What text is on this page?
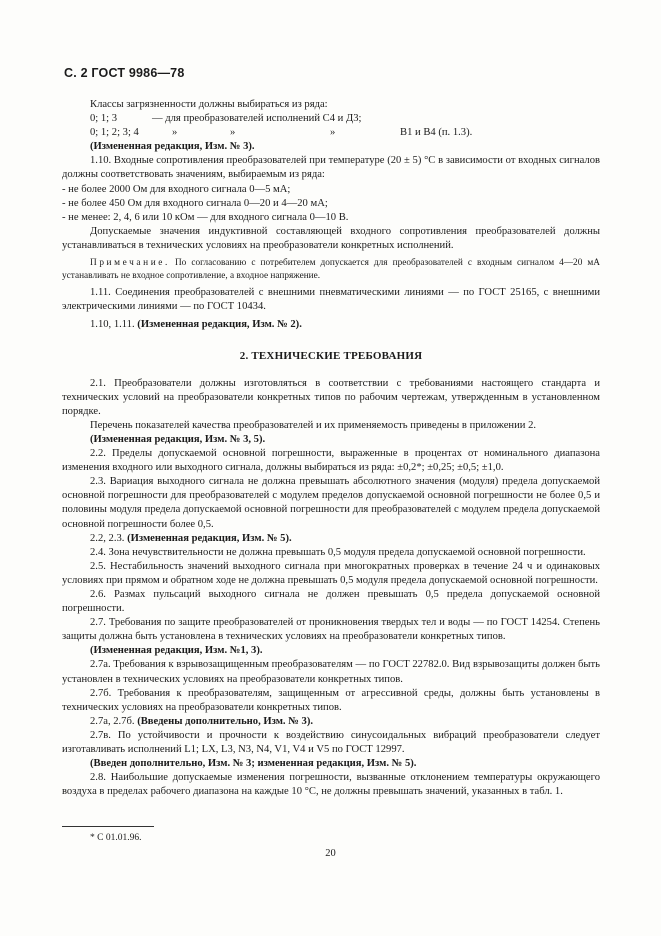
С. 2 ГОСТ 9986—78

Классы загрязненности должны выбираться из ряда:

0; 1; 3	— для преобразователей исполнений С4 и Д3;
0; 1; 2; 3; 4	»	»	»	В1 и В4 (п. 1.3).

(Измененная редакция, Изм. № 3).

1.10. Входные сопротивления преобразователей при температуре (20 ± 5) °С в зависимости от входных сигналов должны соответствовать значениям, выбираемым из ряда:

- не более 2000 Ом для входного сигнала 0—5 мА;

- не более 450 Ом для входного сигнала 0—20 и 4—20 мА;

- не менее: 2, 4, 6 или 10 кОм — для входного сигнала 0—10 В.

Допускаемые значения индуктивной составляющей входного сопротивления преобразователей должны устанавливаться в технических условиях на преобразователи конкретных исполнений.

Примечание. По согласованию с потребителем допускается для преобразователей с входным сигналом 4—20 мА устанавливать не входное сопротивление, а входное напряжение.

1.11. Соединения преобразователей с внешними пневматическими линиями — по ГОСТ 25165, с внешними электрическими линиями — по ГОСТ 10434.

1.10, 1.11. (Измененная редакция, Изм. № 2).

2. ТЕХНИЧЕСКИЕ ТРЕБОВАНИЯ

2.1. Преобразователи должны изготовляться в соответствии с требованиями настоящего стандарта и технических условий на преобразователи конкретных типов по рабочим чертежам, утвержденным в установленном порядке.

Перечень показателей качества преобразователей и их применяемость приведены в приложении 2.

(Измененная редакция, Изм. № 3, 5).

2.2. Пределы допускаемой основной погрешности, выраженные в процентах от номинального диапазона изменения входного или выходного сигнала, должны выбираться из ряда: ±0,2*; ±0,25; ±0,5; ±1,0.

2.3. Вариация выходного сигнала не должна превышать абсолютного значения (модуля) предела допускаемой основной погрешности для преобразователей с модулем пределов допускаемой основной погрешности не более 0,5 и половины модуля предела допускаемой основной погрешности для преобразователей с модулем предела допускаемой основной погрешности более 0,5.

2.2, 2.3. (Измененная редакция, Изм. № 5).

2.4. Зона нечувствительности не должна превышать 0,5 модуля предела допускаемой основной погрешности.

2.5. Нестабильность значений выходного сигнала при многократных проверках в течение 24 ч и одинаковых условиях при прямом и обратном ходе не должна превышать 0,5 модуля предела допускаемой основной погрешности.

2.6. Размах пульсаций выходного сигнала не должен превышать 0,5 предела допускаемой основной погрешности.

2.7. Требования по защите преобразователей от проникновения твердых тел и воды — по ГОСТ 14254. Степень защиты должна быть установлена в технических условиях на преобразователи конкретных типов.

(Измененная редакция, Изм. №1, 3).

2.7а. Требования к взрывозащищенным преобразователям — по ГОСТ 22782.0. Вид взрывозащиты должен быть установлен в технических условиях на преобразователи конкретных типов.

2.7б. Требования к преобразователям, защищенным от агрессивной среды, должны быть установлены в технических условиях на преобразователи конкретных типов.

2.7а, 2.7б. (Введены дополнительно, Изм. № 3).

2.7в. По устойчивости и прочности к воздействию синусоидальных вибраций преобразователи следует изготавливать исполнений L1; LX, L3, N3, N4, V1, V4 и V5 по ГОСТ 12997.

(Введен дополнительно, Изм. № 3; измененная редакция, Изм. № 5).

2.8. Наибольшие допускаемые изменения погрешности, вызванные отклонением температуры окружающего воздуха в пределах рабочего диапазона на каждые 10 °С, не должны превышать значений, указанных в табл. 1.

* С 01.01.96.
20
